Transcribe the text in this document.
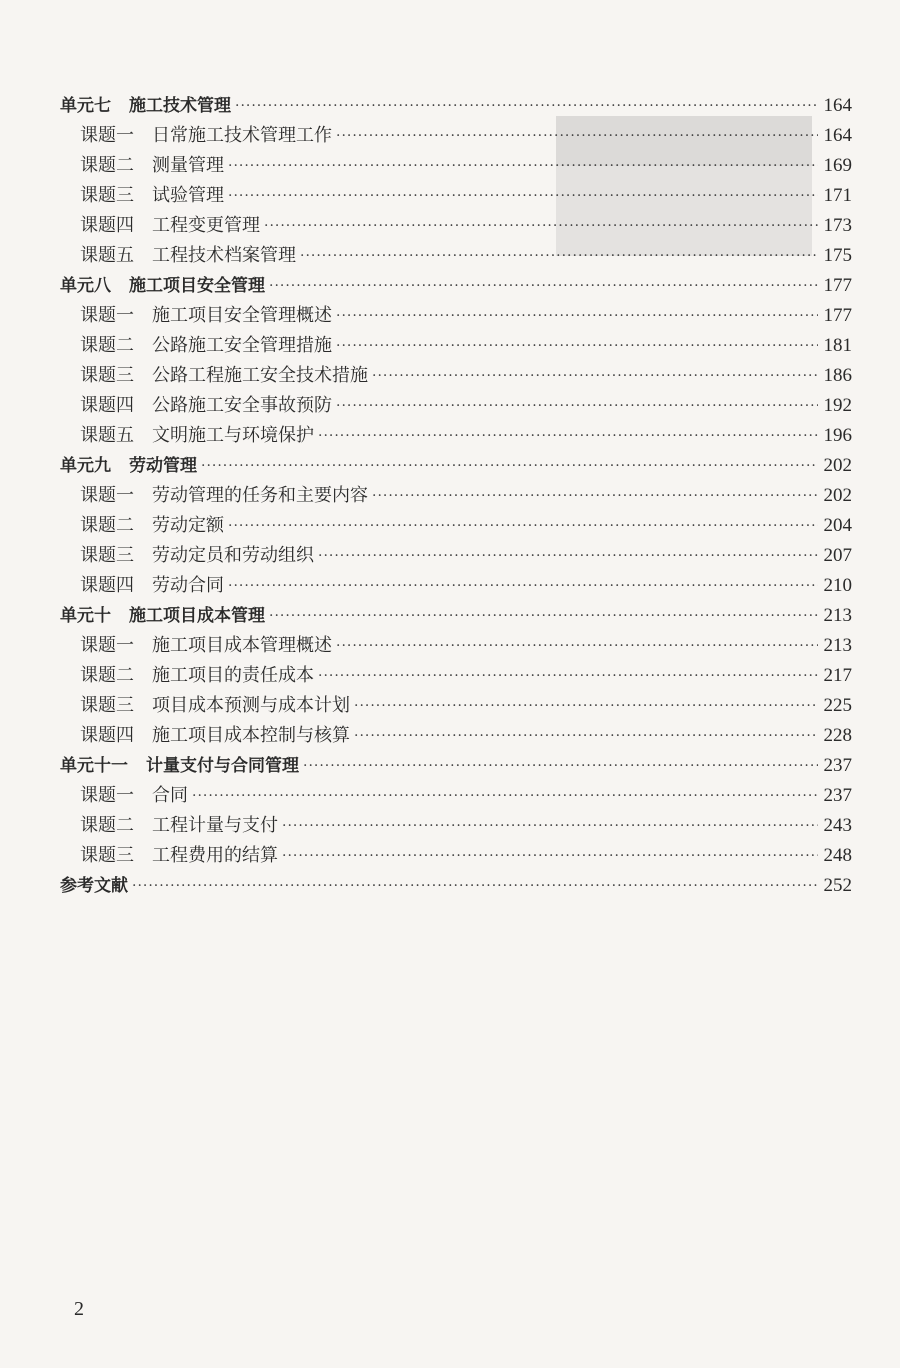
单元七 施工技术管理 ·····	164
课题一 日常施工技术管理工作 ·····	164
课题二 测量管理 ·····	169
课题三 试验管理 ·····	171
课题四 工程变更管理 ·····	173
课题五 工程技术档案管理 ·····	175
单元八 施工项目安全管理 ·····	177
课题一 施工项目安全管理概述 ·····	177
课题二 公路施工安全管理措施 ·····	181
课题三 公路工程施工安全技术措施 ·····	186
课题四 公路施工安全事故预防 ·····	192
课题五 文明施工与环境保护 ·····	196
单元九 劳动管理 ·····	202
课题一 劳动管理的任务和主要内容 ·····	202
课题二 劳动定额 ·····	204
课题三 劳动定员和劳动组织 ·····	207
课题四 劳动合同 ·····	210
单元十 施工项目成本管理 ·····	213
课题一 施工项目成本管理概述 ·····	213
课题二 施工项目的责任成本 ·····	217
课题三 项目成本预测与成本计划 ·····	225
课题四 施工项目成本控制与核算 ·····	228
单元十一 计量支付与合同管理 ·····	237
课题一 合同 ·····	237
课题二 工程计量与支付 ·····	243
课题三 工程费用的结算 ·····	248
参考文献 ·····	252
2
